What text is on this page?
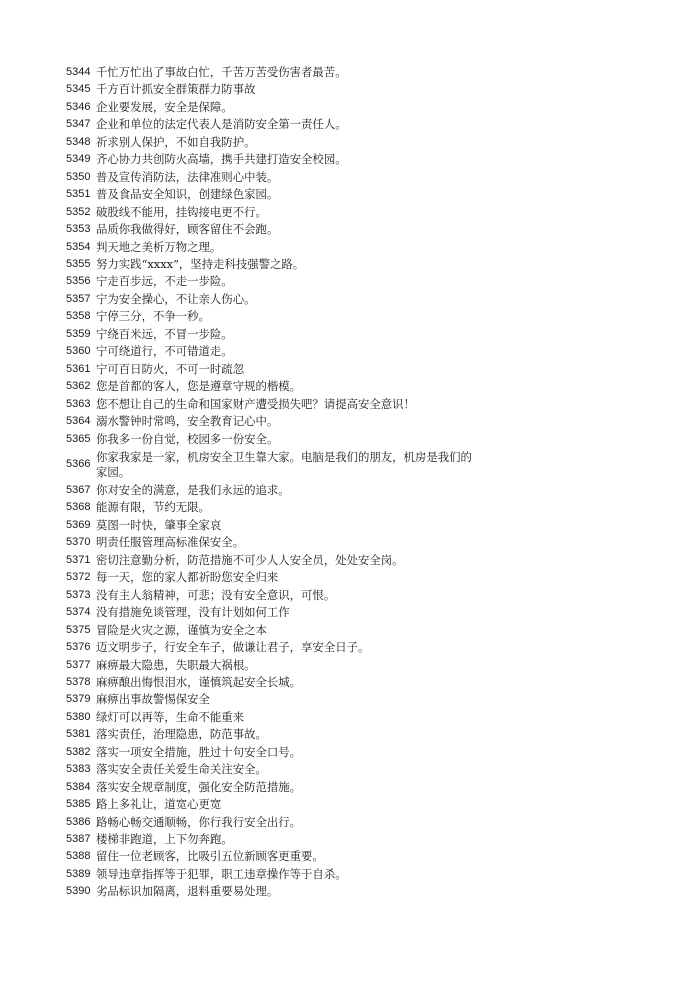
5344 千忙万忙出了事故白忙，千苦万苦受伤害者最苦。
5345 千方百计抓安全群策群力防事故
5346 企业要发展，安全是保障。
5347 企业和单位的法定代表人是消防安全第一责任人。
5348 祈求别人保护，不如自我防护。
5349 齐心协力共创防火高墙，携手共建打造安全校园。
5350 普及宣传消防法，法律准则心中装。
5351 普及食品安全知识，创建绿色家园。
5352 破股线不能用，挂钩接电更不行。
5353 品质你我做得好，顾客留住不会跑。
5354 判天地之美析万物之理。
5355 努力实践“xxxx”，坚持走科技强警之路。
5356 宁走百步远，不走一步险。
5357 宁为安全操心，不让亲人伤心。
5358 宁停三分，不争一秒。
5359 宁绕百米远，不冒一步险。
5360 宁可绕道行，不可错道走。
5361 宁可百日防火，不可一时疏忽
5362 您是首都的客人，您是遵章守规的楷模。
5363 您不想让自己的生命和国家财产遭受损失吧？请提高安全意识！
5364 溺水警钟时常鸣，安全教育记心中。
5365 你我多一份自觉，校园多一份安全。
5366
你家我家是一家，机房安全卫生靠大家。电脑是我们的朋友，机房是我们的家园。
5367 你对安全的满意，是我们永远的追求。
5368 能源有限，节约无限。
5369 莫图一时快，肇事全家哀
5370 明责任服管理高标准保安全。
5371 密切注意勤分析，防范措施不可少人人安全员，处处安全岗。
5372 每一天，您的家人都祈盼您安全归来
5373 没有主人翁精神，可悲；没有安全意识，可恨。
5374 没有措施免谈管理，没有计划如何工作
5375 冒险是火灾之源，谨慎为安全之本
5376 迈文明步子，行安全车子，做谦让君子，享安全日子。
5377 麻痹最大隐患，失职最大祸根。
5378 麻痹酿出悔恨泪水，谨慎筑起安全长城。
5379 麻痹出事故警惕保安全
5380 绿灯可以再等，生命不能重来
5381 落实责任，治理隐患，防范事故。
5382 落实一项安全措施，胜过十句安全口号。
5383 落实安全责任关爱生命关注安全。
5384 落实安全规章制度，强化安全防范措施。
5385 路上多礼让，道宽心更宽
5386 路畅心畅交通顺畅，你行我行安全出行。
5387 楼梯非跑道，上下勿奔跑。
5388 留住一位老顾客，比吸引五位新顾客更重要。
5389 领导违章指挥等于犯罪，职工违章操作等于自杀。
5390 劣品标识加隔离，退料重要易处理。
